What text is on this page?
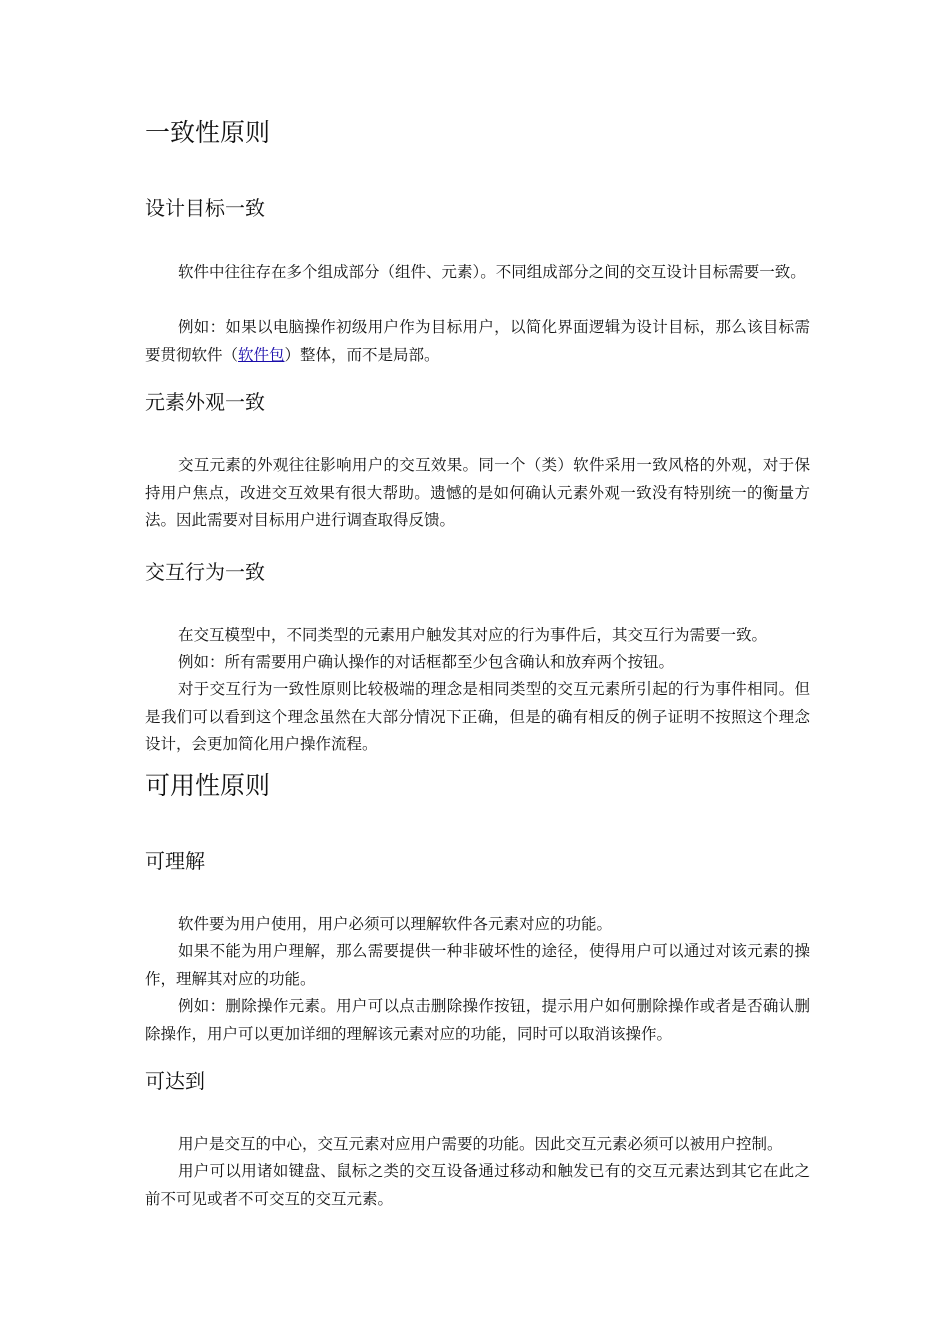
一致性原则
设计目标一致

软件中往往存在多个组成部分（组件、元素）。不同组成部分之间的交互设计目标需要一致。

例如：如果以电脑操作初级用户作为目标用户，以简化界面逻辑为设计目标，那么该目标需要贯彻软件（软件包）整体，而不是局部。

元素外观一致

交互元素的外观往往影响用户的交互效果。同一个（类）软件采用一致风格的外观，对于保持用户焦点，改进交互效果有很大帮助。遗憾的是如何确认元素外观一致没有特别统一的衡量方法。因此需要对目标用户进行调查取得反馈。

交互行为一致

在交互模型中，不同类型的元素用户触发其对应的行为事件后，其交互行为需要一致。

例如：所有需要用户确认操作的对话框都至少包含确认和放弃两个按钮。

对于交互行为一致性原则比较极端的理念是相同类型的交互元素所引起的行为事件相同。但是我们可以看到这个理念虽然在大部分情况下正确，但是的确有相反的例子证明不按照这个理念设计，会更加简化用户操作流程。

可用性原则
可理解

软件要为用户使用，用户必须可以理解软件各元素对应的功能。

如果不能为用户理解，那么需要提供一种非破坏性的途径，使得用户可以通过对该元素的操作，理解其对应的功能。

例如：删除操作元素。用户可以点击删除操作按钮，提示用户如何删除操作或者是否确认删除操作，用户可以更加详细的理解该元素对应的功能，同时可以取消该操作。

可达到

用户是交互的中心，交互元素对应用户需要的功能。因此交互元素必须可以被用户控制。

用户可以用诸如键盘、鼠标之类的交互设备通过移动和触发已有的交互元素达到其它在此之前不可见或者不可交互的交互元素。
